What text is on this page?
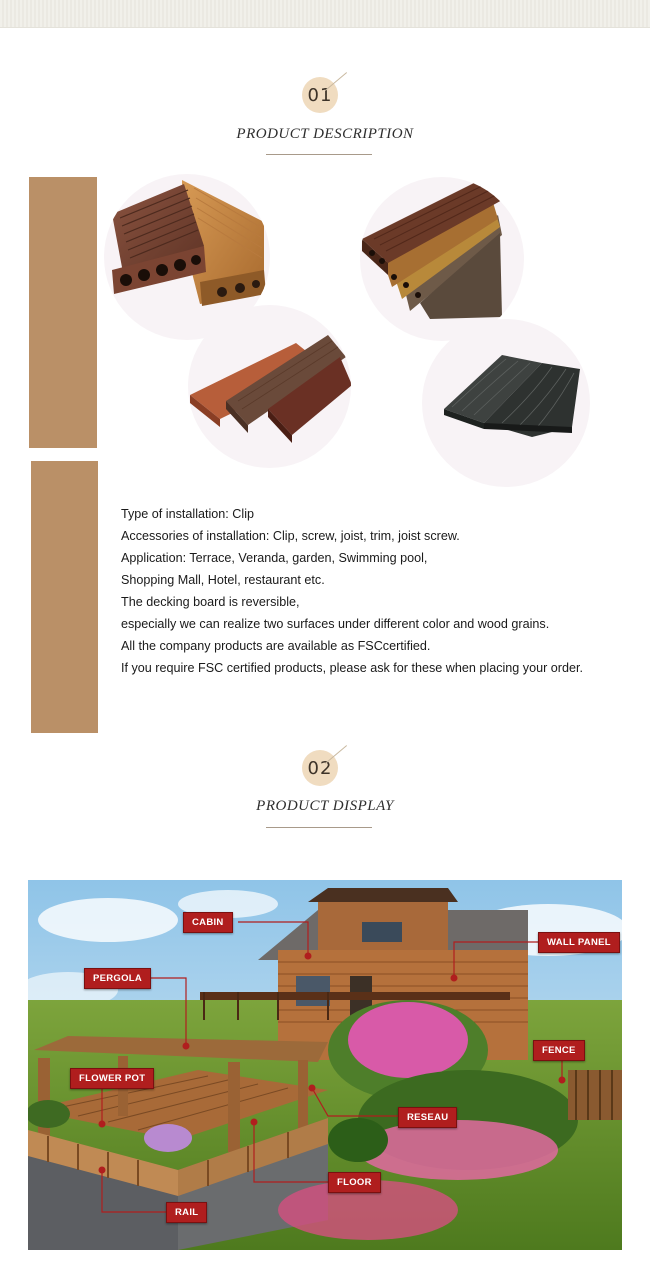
01
PRODUCT DESCRIPTION
Type of installation: Clip
Accessories of installation: Clip, screw, joist, trim, joist screw.
Application: Terrace, Veranda, garden, Swimming pool,
Shopping Mall, Hotel, restaurant etc.
The decking board is reversible,
especially we can realize two surfaces under different color and wood grains.
All the company products are available as FSCcertified.
If you require FSC certified products, please ask for these when placing your order.
02
PRODUCT DISPLAY
CABIN
WALL PANEL
PERGOLA
FENCE
FLOWER POT
RESEAU
FLOOR
RAIL
